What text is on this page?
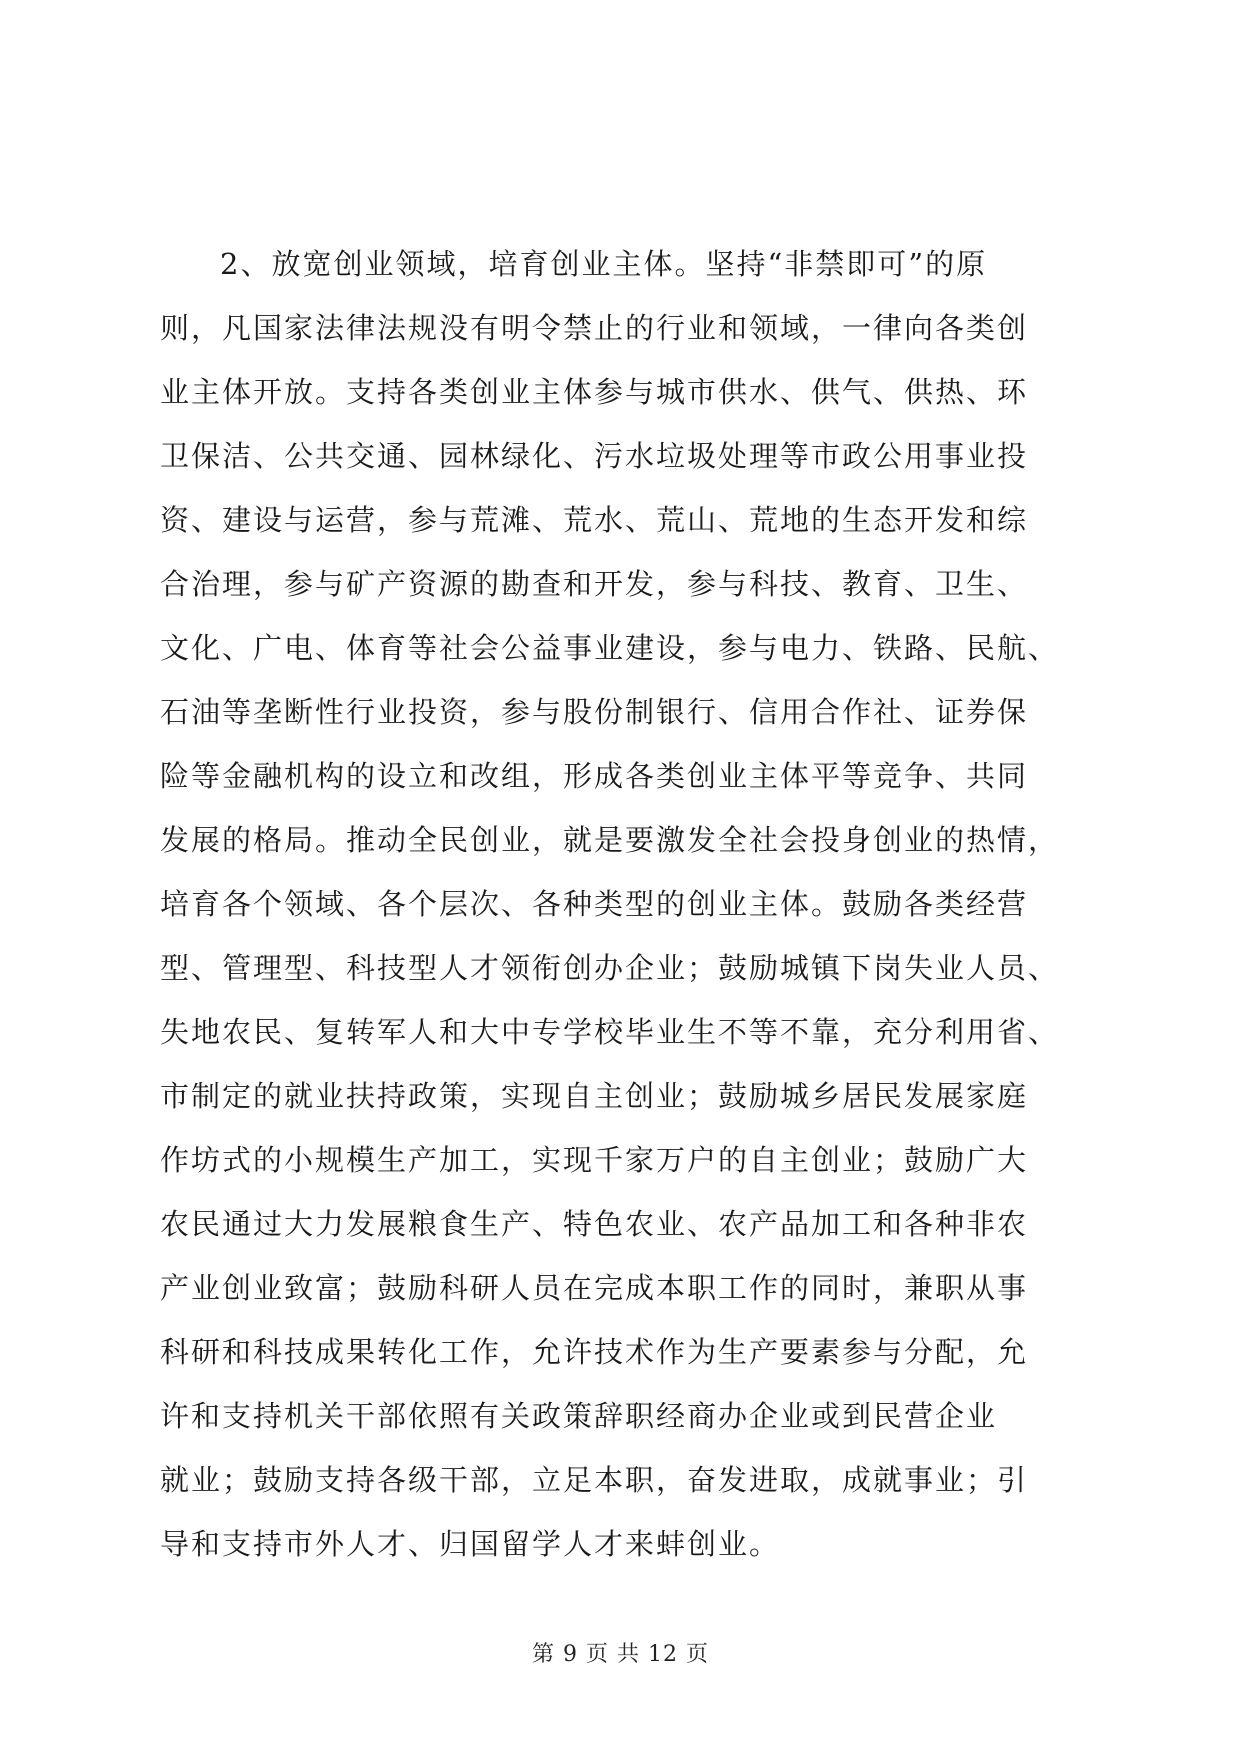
2、放宽创业领域，培育创业主体。坚持“非禁即可”的原
则，凡国家法律法规没有明令禁止的行业和领域，一律向各类创
业主体开放。支持各类创业主体参与城市供水、供气、供热、环
卫保洁、公共交通、园林绿化、污水垃圾处理等市政公用事业投
资、建设与运营，参与荒滩、荒水、荒山、荒地的生态开发和综
合治理，参与矿产资源的勘查和开发，参与科技、教育、卫生、
文化、广电、体育等社会公益事业建设，参与电力、铁路、民航、
石油等垄断性行业投资，参与股份制银行、信用合作社、证券保
险等金融机构的设立和改组，形成各类创业主体平等竞争、共同
发展的格局。推动全民创业，就是要激发全社会投身创业的热情，
培育各个领域、各个层次、各种类型的创业主体。鼓励各类经营
型、管理型、科技型人才领衔创办企业；鼓励城镇下岗失业人员、
失地农民、复转军人和大中专学校毕业生不等不靠，充分利用省、
市制定的就业扶持政策，实现自主创业；鼓励城乡居民发展家庭
作坊式的小规模生产加工，实现千家万户的自主创业；鼓励广大
农民通过大力发展粮食生产、特色农业、农产品加工和各种非农
产业创业致富；鼓励科研人员在完成本职工作的同时，兼职从事
科研和科技成果转化工作，允许技术作为生产要素参与分配，允
许和支持机关干部依照有关政策辞职经商办企业或到民营企业
就业；鼓励支持各级干部，立足本职，奋发进取，成就事业；引
导和支持市外人才、归国留学人才来蚌创业。
第 9 页 共 12 页
